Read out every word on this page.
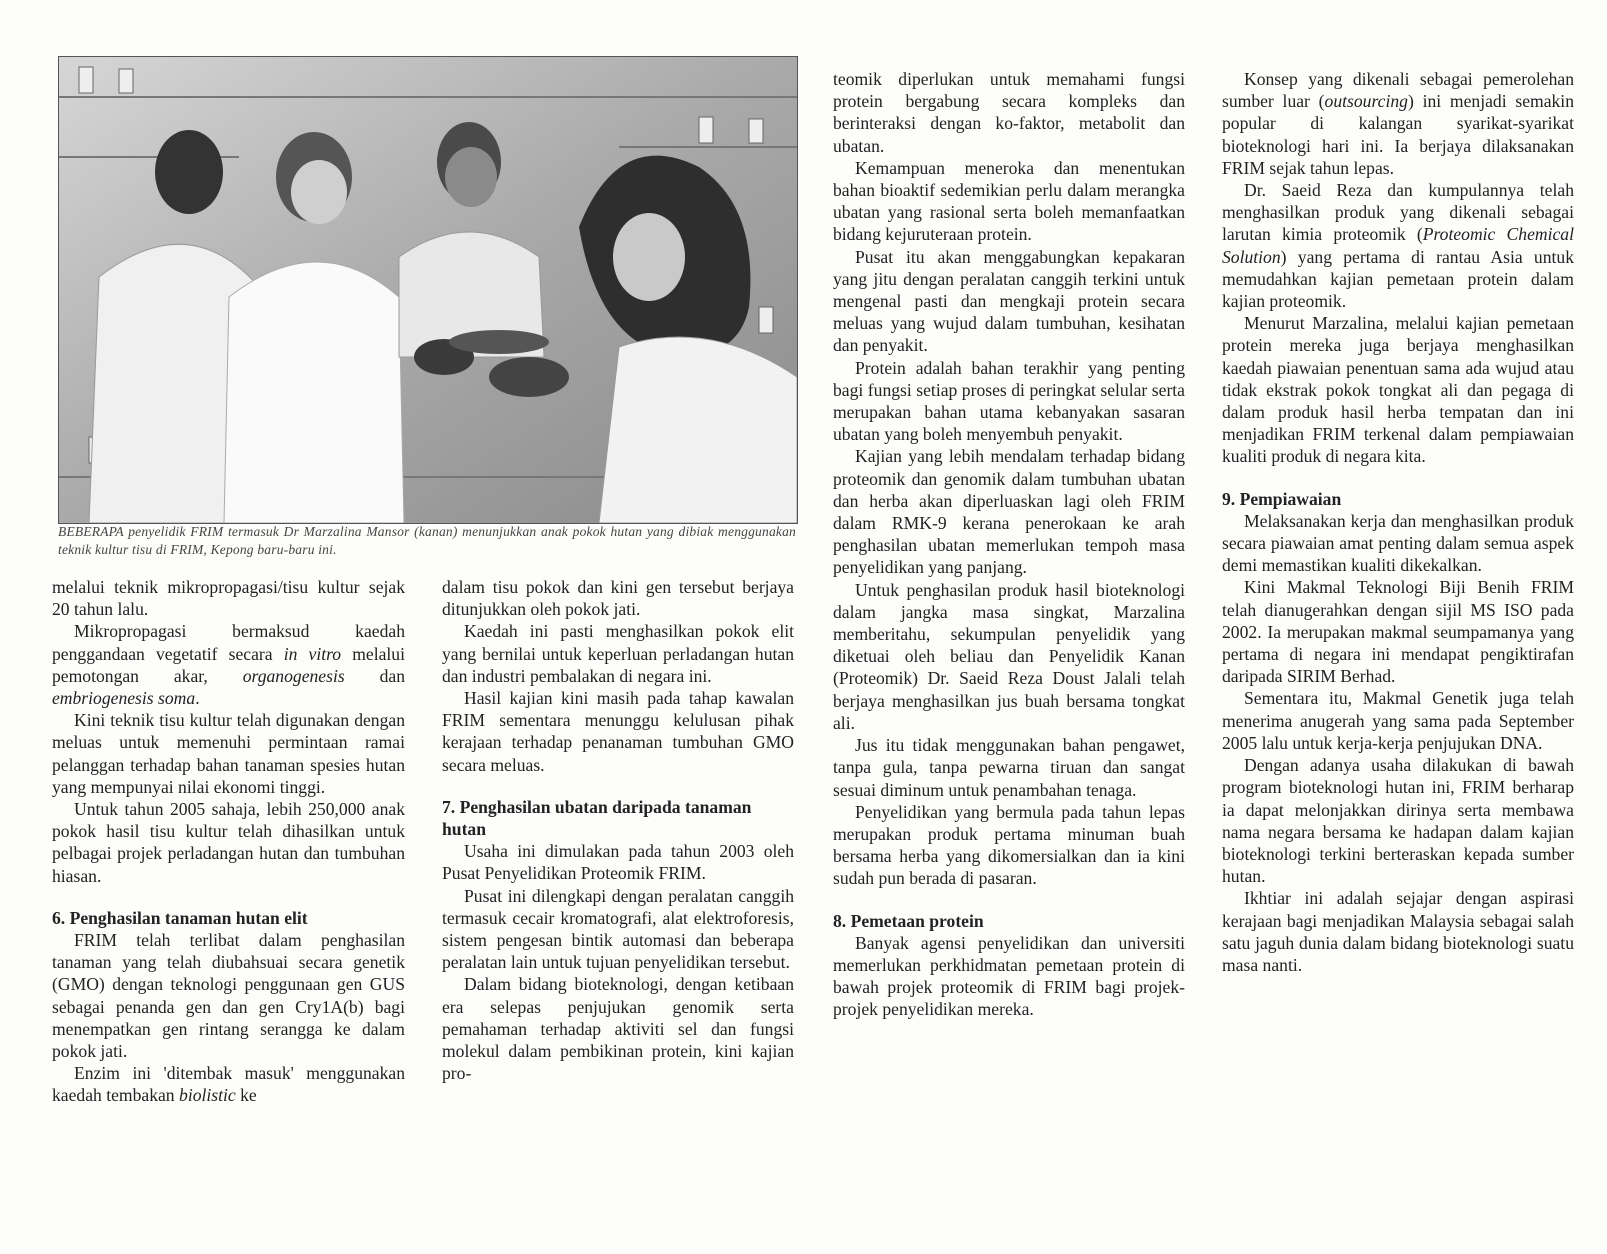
BEBERAPA penyelidik FRIM termasuk Dr Marzalina Mansor (kanan) menunjukkan anak pokok hutan yang dibiak menggunakan teknik kultur tisu di FRIM, Kepong baru-baru ini.

melalui teknik mikropropagasi/tisu kultur sejak 20 tahun lalu.

Mikropropagasi bermaksud kaedah penggandaan vegetatif secara in vitro melalui pemotongan akar, organogenesis dan embriogenesis soma.

Kini teknik tisu kultur telah digunakan dengan meluas untuk memenuhi permintaan ramai pelanggan terhadap bahan tanaman spesies hutan yang mempunyai nilai ekonomi tinggi.

Untuk tahun 2005 sahaja, lebih 250,000 anak pokok hasil tisu kultur telah dihasilkan untuk pelbagai projek perladangan hutan dan tumbuhan hiasan.

6. Penghasilan tanaman hutan elit

FRIM telah terlibat dalam penghasilan tanaman yang telah diubahsuai secara genetik (GMO) dengan teknologi penggunaan gen GUS sebagai penanda gen dan gen Cry1A(b) bagi menempatkan gen rintang serangga ke dalam pokok jati.

Enzim ini 'ditembak masuk' menggunakan kaedah tembakan biolistic ke

dalam tisu pokok dan kini gen tersebut berjaya ditunjukkan oleh pokok jati.

Kaedah ini pasti menghasilkan pokok elit yang bernilai untuk keperluan perladangan hutan dan industri pembalakan di negara ini.

Hasil kajian kini masih pada tahap kawalan FRIM sementara menunggu kelulusan pihak kerajaan terhadap penanaman tumbuhan GMO secara meluas.

7. Penghasilan ubatan daripada tanaman hutan

Usaha ini dimulakan pada tahun 2003 oleh Pusat Penyelidikan Proteomik FRIM.

Pusat ini dilengkapi dengan peralatan canggih termasuk cecair kromatografi, alat elektroforesis, sistem pengesan bintik automasi dan beberapa peralatan lain untuk tujuan penyelidikan tersebut.

Dalam bidang bioteknologi, dengan ketibaan era selepas penjujukan genomik serta pemahaman terhadap aktiviti sel dan fungsi molekul dalam pembikinan protein, kini kajian pro-

teomik diperlukan untuk memahami fungsi protein bergabung secara kompleks dan berinteraksi dengan ko-faktor, metabolit dan ubatan.

Kemampuan meneroka dan menentukan bahan bioaktif sedemikian perlu dalam merangka ubatan yang rasional serta boleh memanfaatkan bidang kejuruteraan protein.

Pusat itu akan menggabungkan kepakaran yang jitu dengan peralatan canggih terkini untuk mengenal pasti dan mengkaji protein secara meluas yang wujud dalam tumbuhan, kesihatan dan penyakit.

Protein adalah bahan terakhir yang penting bagi fungsi setiap proses di peringkat selular serta merupakan bahan utama kebanyakan sasaran ubatan yang boleh menyembuh penyakit.

Kajian yang lebih mendalam terhadap bidang proteomik dan genomik dalam tumbuhan ubatan dan herba akan diperluaskan lagi oleh FRIM dalam RMK-9 kerana penerokaan ke arah penghasilan ubatan memerlukan tempoh masa penyelidikan yang panjang.

Untuk penghasilan produk hasil bioteknologi dalam jangka masa singkat, Marzalina memberitahu, sekumpulan penyelidik yang diketuai oleh beliau dan Penyelidik Kanan (Proteomik) Dr. Saeid Reza Doust Jalali telah berjaya menghasilkan jus buah bersama tongkat ali.

Jus itu tidak menggunakan bahan pengawet, tanpa gula, tanpa pewarna tiruan dan sangat sesuai diminum untuk penambahan tenaga.

Penyelidikan yang bermula pada tahun lepas merupakan produk pertama minuman buah bersama herba yang dikomersialkan dan ia kini sudah pun berada di pasaran.

8. Pemetaan protein

Banyak agensi penyelidikan dan universiti memerlukan perkhidmatan pemetaan protein di bawah projek proteomik di FRIM bagi projek-projek penyelidikan mereka.

Konsep yang dikenali sebagai pemerolehan sumber luar (outsourcing) ini menjadi semakin popular di kalangan syarikat-syarikat bioteknologi hari ini. Ia berjaya dilaksanakan FRIM sejak tahun lepas.

Dr. Saeid Reza dan kumpulannya telah menghasilkan produk yang dikenali sebagai larutan kimia proteomik (Proteomic Chemical Solution) yang pertama di rantau Asia untuk memudahkan kajian pemetaan protein dalam kajian proteomik.

Menurut Marzalina, melalui kajian pemetaan protein mereka juga berjaya menghasilkan kaedah piawaian penentuan sama ada wujud atau tidak ekstrak pokok tongkat ali dan pegaga di dalam produk hasil herba tempatan dan ini menjadikan FRIM terkenal dalam pempiawaian kualiti produk di negara kita.

9. Pempiawaian

Melaksanakan kerja dan menghasilkan produk secara piawaian amat penting dalam semua aspek demi memastikan kualiti dikekalkan.

Kini Makmal Teknologi Biji Benih FRIM telah dianugerahkan dengan sijil MS ISO pada 2002. Ia merupakan makmal seumpamanya yang pertama di negara ini mendapat pengiktirafan daripada SIRIM Berhad.

Sementara itu, Makmal Genetik juga telah menerima anugerah yang sama pada September 2005 lalu untuk kerja-kerja penjujukan DNA.

Dengan adanya usaha dilakukan di bawah program bioteknologi hutan ini, FRIM berharap ia dapat melonjakkan dirinya serta membawa nama negara bersama ke hadapan dalam kajian bioteknologi terkini berteraskan kepada sumber hutan.

Ikhtiar ini adalah sejajar dengan aspirasi kerajaan bagi menjadikan Malaysia sebagai salah satu jaguh dunia dalam bidang bioteknologi suatu masa nanti.
